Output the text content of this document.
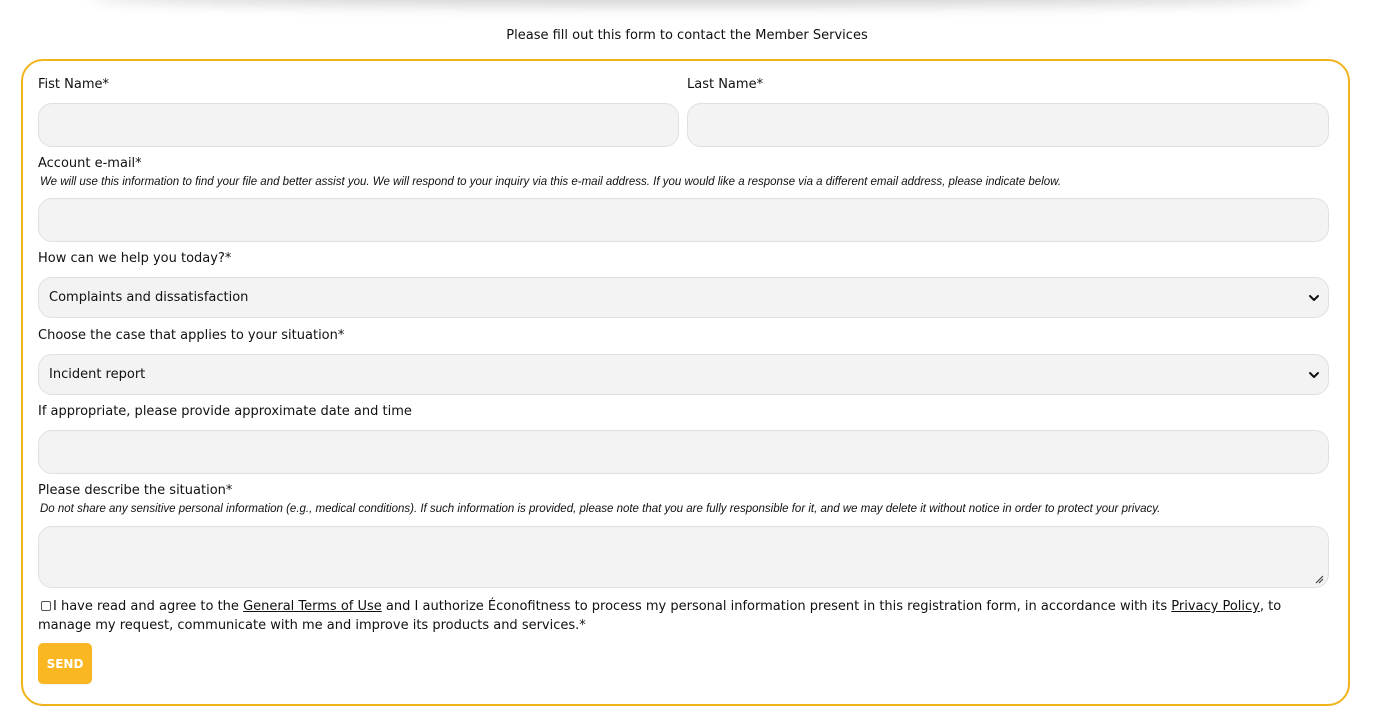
Please fill out this form to contact the Member Services
Fist Name*	Last Name*
Account e-mail*
We will use this information to find your file and better assist you. We will respond to your inquiry via this e-mail address. If you would like a response via a different email address, please indicate below.
How can we help you today?*
Complaints and dissatisfaction
Choose the case that applies to your situation*
Incident report
If appropriate, please provide approximate date and time
Please describe the situation*
Do not share any sensitive personal information (e.g., medical conditions). If such information is provided, please note that you are fully responsible for it, and we may delete it without notice in order to protect your privacy.
I have read and agree to the General Terms of Use and I authorize Éconofitness to process my personal information present in this registration form, in accordance with its Privacy Policy, to manage my request, communicate with me and improve its products and services.*
SEND
